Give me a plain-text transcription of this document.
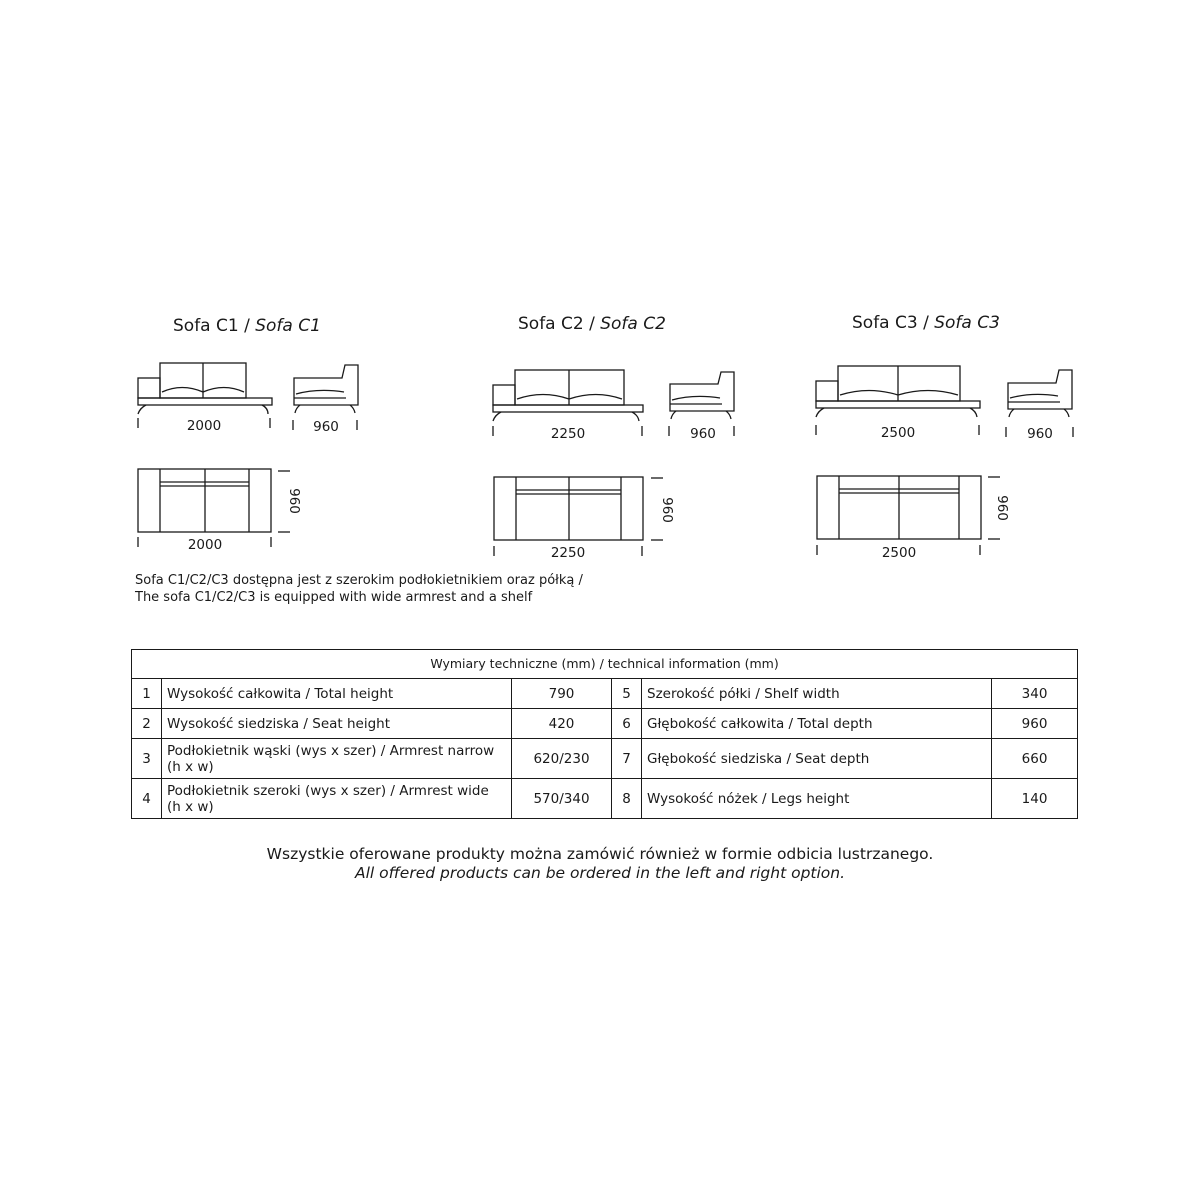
Sofa C1 / Sofa C1	Sofa C2 / Sofa C2	Sofa C3 / Sofa C3
2000	960
2000
960
2250	960
2250
960
2500	960
2500
960
Sofa C1/C2/C3 dostępna jest z szerokim podłokietnikiem oraz półką /
The sofa C1/C2/C3 is equipped with wide armrest and a shelf
Wymiary techniczne (mm) / technical information (mm)					
1	Wysokość całkowita / Total height	790	5	Szerokość półki / Shelf width	340
2	Wysokość siedziska / Seat height	420	6	Głębokość całkowita / Total depth	960
3	Podłokietnik wąski (wys x szer) / Armrest narrow (h x w)	620/230	7	Głębokość siedziska / Seat depth	660
4	Podłokietnik szeroki (wys x szer) / Armrest wide (h x w)	570/340	8	Wysokość nóżek / Legs height	140
Wszystkie oferowane produkty można zamówić również w formie odbicia lustrzanego.
All offered products can be ordered in the left and right option.
